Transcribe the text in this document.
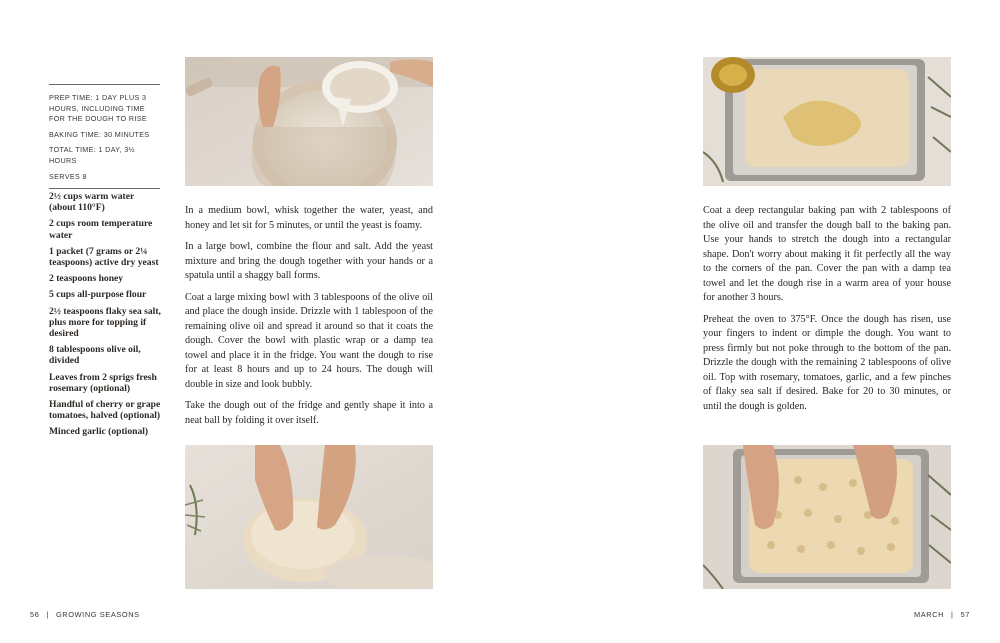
PREP TIME: 1 DAY PLUS 3 HOURS, INCLUDING TIME FOR THE DOUGH TO RISE

BAKING TIME: 30 MINUTES

TOTAL TIME: 1 DAY, 3½ HOURS

SERVES 8

2½ cups warm water (about 110°F)
2 cups room temperature water
1 packet (7 grams or 2¼ teaspoons) active dry yeast
2 teaspoons honey
5 cups all-purpose flour
2½ teaspoons flaky sea salt, plus more for topping if desired
8 tablespoons olive oil, divided
Leaves from 2 sprigs fresh rosemary (optional)
Handful of cherry or grape tomatoes, halved (optional)
Minced garlic (optional)

In a medium bowl, whisk together the water, yeast, and honey and let sit for 5 minutes, or until the yeast is foamy.

In a large bowl, combine the flour and salt. Add the yeast mixture and bring the dough together with your hands or a spatula until a shaggy ball forms.

Coat a large mixing bowl with 3 tablespoons of the olive oil and place the dough inside. Drizzle with 1 tablespoon of the remaining olive oil and spread it around so that it coats the dough. Cover the bowl with plastic wrap or a damp tea towel and place it in the fridge. You want the dough to rise for at least 8 hours and up to 24 hours. The dough will double in size and look bubbly.

Take the dough out of the fridge and gently shape it into a neat ball by folding it over itself.

Coat a deep rectangular baking pan with 2 tablespoons of the olive oil and transfer the dough ball to the baking pan. Use your hands to stretch the dough into a rectangular shape. Don't worry about making it fit perfectly all the way to the corners of the pan. Cover the pan with a damp tea towel and let the dough rise in a warm area of your house for another 3 hours.

Preheat the oven to 375°F. Once the dough has risen, use your fingers to indent or dimple the dough. You want to press firmly but not poke through to the bottom of the pan. Drizzle the dough with the remaining 2 tablespoons of olive oil. Top with rosemary, tomatoes, garlic, and a few pinches of flaky sea salt if desired. Bake for 20 to 30 minutes, or until the dough is golden.

56 | GROWING SEASONS	MARCH | 57
